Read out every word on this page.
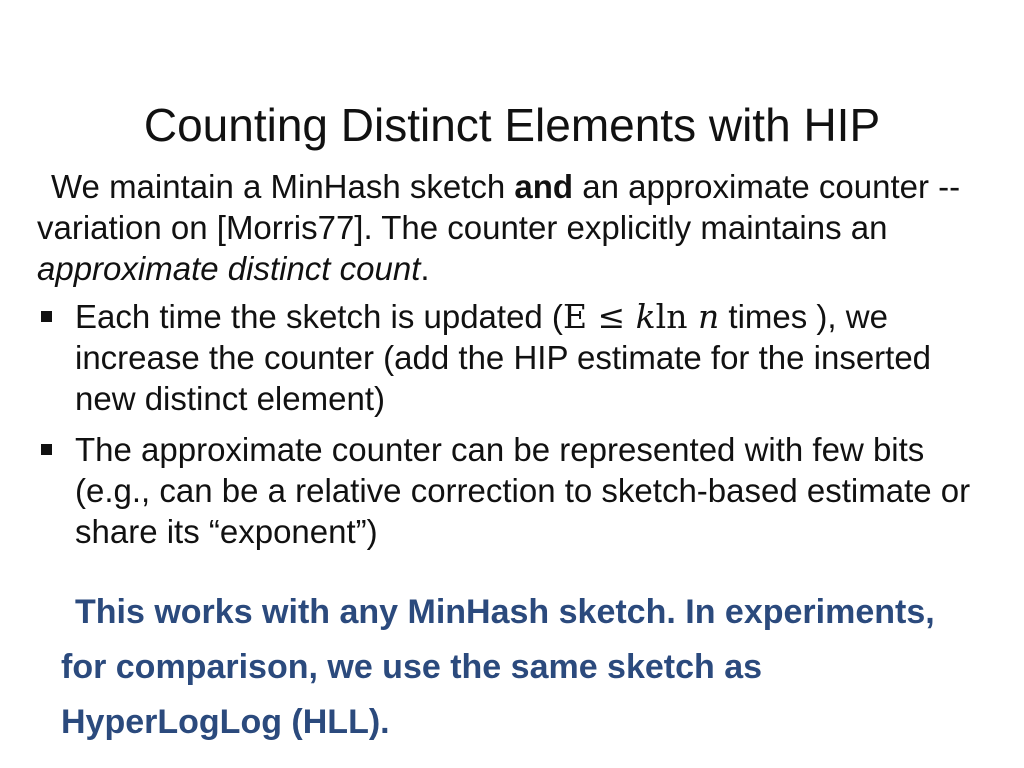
Counting Distinct Elements with HIP

We maintain a MinHash sketch and an approximate counter -- variation on [Morris77]. The counter explicitly maintains an approximate distinct count.

Each time the sketch is updated (E ≤ kln n times ), we increase the counter (add the HIP estimate for the inserted new distinct element)
The approximate counter can be represented with few bits (e.g., can be a relative correction to sketch-based estimate or share its “exponent”)
This works with any MinHash sketch. In experiments, for comparison, we use the same sketch as HyperLogLog (HLL).
